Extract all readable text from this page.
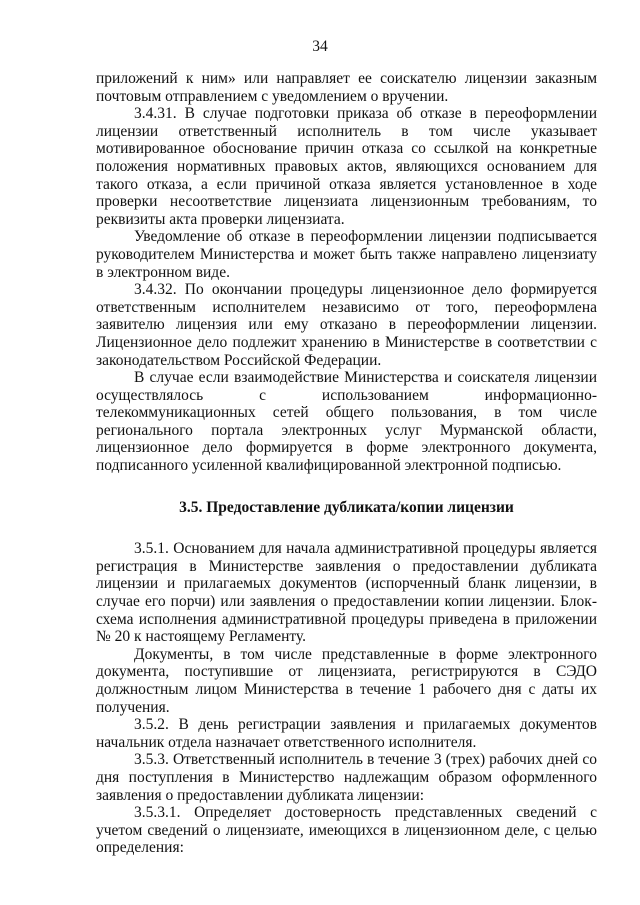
34

приложений к ним» или направляет ее соискателю лицензии заказным почтовым отправлением с уведомлением о вручении.

3.4.31. В случае подготовки приказа об отказе в переоформлении лицензии ответственный исполнитель в том числе указывает мотивированное обоснование причин отказа со ссылкой на конкретные положения нормативных правовых актов, являющихся основанием для такого отказа, а если причиной отказа является установленное в ходе проверки несоответствие лицензиата лицензионным требованиям, то реквизиты акта проверки лицензиата.

Уведомление об отказе в переоформлении лицензии подписывается руководителем Министерства и может быть также направлено лицензиату в электронном виде.

3.4.32. По окончании процедуры лицензионное дело формируется ответственным исполнителем независимо от того, переоформлена заявителю лицензия или ему отказано в переоформлении лицензии. Лицензионное дело подлежит хранению в Министерстве в соответствии с законодательством Российской Федерации.

В случае если взаимодействие Министерства и соискателя лицензии осуществлялось с использованием информационно-телекоммуникационных сетей общего пользования, в том числе регионального портала электронных услуг Мурманской области, лицензионное дело формируется в форме электронного документа, подписанного усиленной квалифицированной электронной подписью.

3.5. Предоставление дубликата/копии лицензии

3.5.1. Основанием для начала административной процедуры является регистрация в Министерстве заявления о предоставлении дубликата лицензии и прилагаемых документов (испорченный бланк лицензии, в случае его порчи) или заявления о предоставлении копии лицензии. Блок-схема исполнения административной процедуры приведена в приложении № 20 к настоящему Регламенту.

Документы, в том числе представленные в форме электронного документа, поступившие от лицензиата, регистрируются в СЭДО должностным лицом Министерства в течение 1 рабочего дня с даты их получения.

3.5.2. В день регистрации заявления и прилагаемых документов начальник отдела назначает ответственного исполнителя.

3.5.3. Ответственный исполнитель в течение 3 (трех) рабочих дней со дня поступления в Министерство надлежащим образом оформленного заявления о предоставлении дубликата лицензии:

3.5.3.1. Определяет достоверность представленных сведений с учетом сведений о лицензиате, имеющихся в лицензионном деле, с целью определения:
